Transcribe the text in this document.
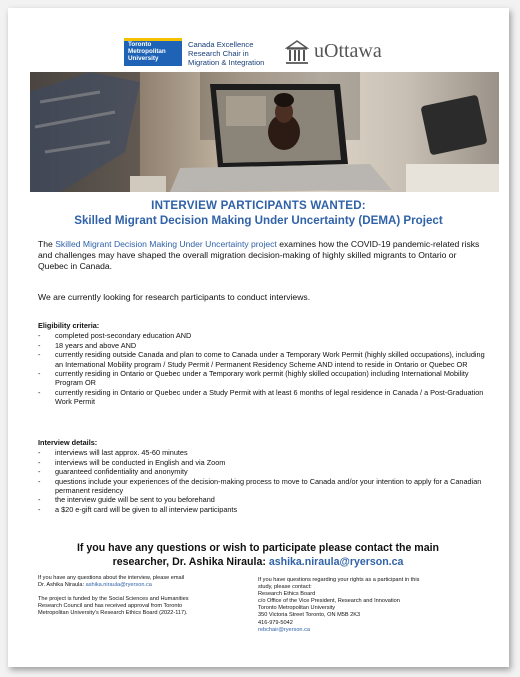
Toronto
Metropolitan
University
Canada Excellence
Research Chair in
Migration & Integration
uOttawa
INTERVIEW PARTICIPANTS WANTED:
Skilled Migrant Decision Making Under Uncertainty (DEMA) Project
The Skilled Migrant Decision Making Under Uncertainty project examines how the COVID-19 pandemic-related risks and challenges may have shaped the overall migration decision-making of highly skilled migrants to Ontario or Quebec in Canada.
We are currently looking for research participants to conduct interviews.
Eligibility criteria:
- completed post-secondary education AND
- 18 years and above AND
- currently residing outside Canada and plan to come to Canada under a Temporary Work Permit (highly skilled occupations), including an International Mobility program / Study Permit / Permanent Residency Scheme AND intend to reside in Ontario or Quebec OR
- currently residing in Ontario or Quebec under a Temporary work permit (highly skilled occupation) including International Mobility Program OR
- currently residing in Ontario or Quebec under a Study Permit with at least 6 months of legal residence in Canada / a Post-Graduation Work Permit
Interview details:
- interviews will last approx. 45-60 minutes
- interviews will be conducted in English and via Zoom
- guaranteed confidentiality and anonymity
- questions include your experiences of the decision-making process to move to Canada and/or your intention to apply for a Canadian permanent residency
- the interview guide will be sent to you beforehand
- a $20 e-gift card will be given to all interview participants
If you have any questions or wish to participate please contact the main
researcher, Dr. Ashika Niraula: ashika.niraula@ryerson.ca
If you have any questions about the interview, please email
Dr. Ashika Niraula: ashika.niraula@ryerson.ca
The project is funded by the Social Sciences and Humanities
Research Council and has received approval from Toronto
Metropolitan University's Research Ethics Board (2022-117).
If you have questions regarding your rights as a participant in this
study, please contact:
Research Ethics Board
c/o Office of the Vice President, Research and Innovation
Toronto Metropolitan University
350 Victoria Street Toronto, ON M5B 2K3
416-979-5042
rebchair@ryerson.ca
